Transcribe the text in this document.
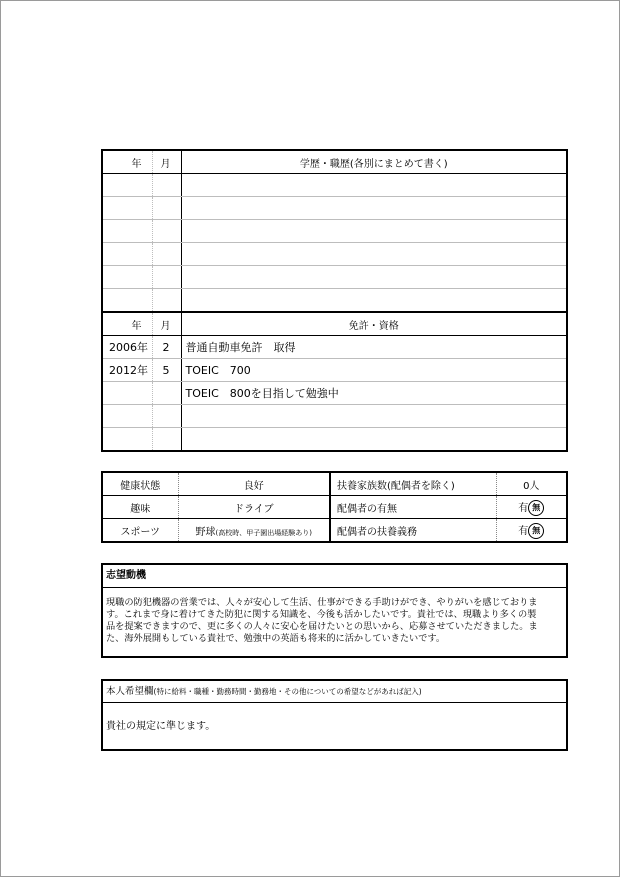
年	月	学歴・職歴(各別にまとめて書く)

年	月	免許・資格
2006年	2	普通自動車免許　取得
2012年	5	TOEIC　700
		TOEIC　800を目指して勉強中

健康状態	良好	扶養家族数(配偶者を除く)	0人
趣味	ドライブ	配偶者の有無	有 無
スポーツ	野球(高校時、甲子園出場経験あり)	配偶者の扶養義務	有 無
志望動機
現職の防犯機器の営業では、人々が安心して生活、仕事ができる手助けができ、やりがいを感じておりま
す。これまで身に着けてきた防犯に関する知識を、今後も活かしたいです。貴社では、現職より多くの製
品を提案できますので、更に多くの人々に安心を届けたいとの思いから、応募させていただきました。ま
た、海外展開もしている貴社で、勉強中の英語も将来的に活かしていきたいです。
本人希望欄(特に給料・職種・勤務時間・勤務地・その他についての希望などがあれば記入)
貴社の規定に準じます。
